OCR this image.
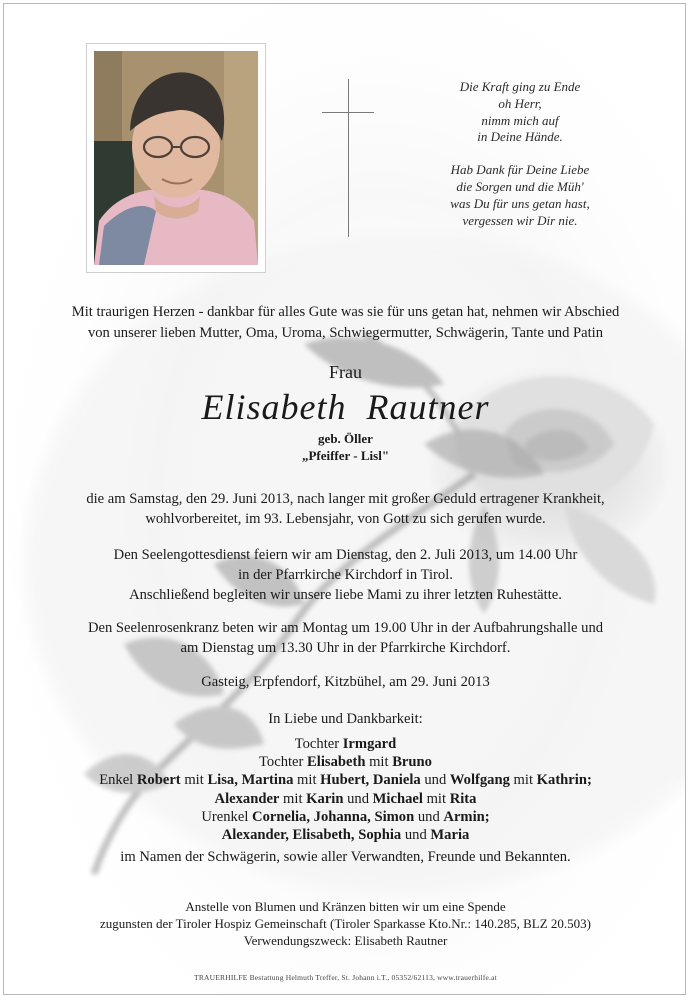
Die Kraft ging zu Ende
oh Herr,
nimm mich auf
in Deine Hände.
Hab Dank für Deine Liebe
die Sorgen und die Müh'
was Du für uns getan hast,
vergessen wir Dir nie.
Mit traurigen Herzen - dankbar für alles Gute was sie für uns getan hat, nehmen wir Abschied
von unserer lieben Mutter, Oma, Uroma, Schwiegermutter, Schwägerin, Tante und Patin
Frau
Elisabeth  Rautner
geb. Öller
„Pfeiffer - Lisl"
die am Samstag, den 29. Juni 2013, nach langer mit großer Geduld ertragener Krankheit,
wohlvorbereitet, im 93. Lebensjahr, von Gott zu sich gerufen wurde.
Den Seelengottesdienst feiern wir am Dienstag, den 2. Juli 2013, um 14.00 Uhr
in der Pfarrkirche Kirchdorf in Tirol.
Anschließend begleiten wir unsere liebe Mami zu ihrer letzten Ruhestätte.
Den Seelenrosenkranz beten wir am Montag um 19.00 Uhr in der Aufbahrungshalle und
am Dienstag um 13.30 Uhr in der Pfarrkirche Kirchdorf.
Gasteig, Erpfendorf, Kitzbühel, am 29. Juni 2013
In Liebe und Dankbarkeit:
Tochter Irmgard
Tochter Elisabeth mit Bruno
Enkel Robert mit Lisa, Martina mit Hubert, Daniela und Wolfgang mit Kathrin;
Alexander mit Karin und Michael mit Rita
Urenkel Cornelia, Johanna, Simon und Armin;
Alexander, Elisabeth, Sophia und Maria
im Namen der Schwägerin, sowie aller Verwandten, Freunde und Bekannten.
Anstelle von Blumen und Kränzen bitten wir um eine Spende
zugunsten der Tiroler Hospiz Gemeinschaft (Tiroler Sparkasse Kto.Nr.: 140.285, BLZ 20.503)
Verwendungszweck: Elisabeth Rautner
TRAUERHILFE Bestattung Helmuth Treffer, St. Johann i.T., 05352/62113, www.trauerhilfe.at
